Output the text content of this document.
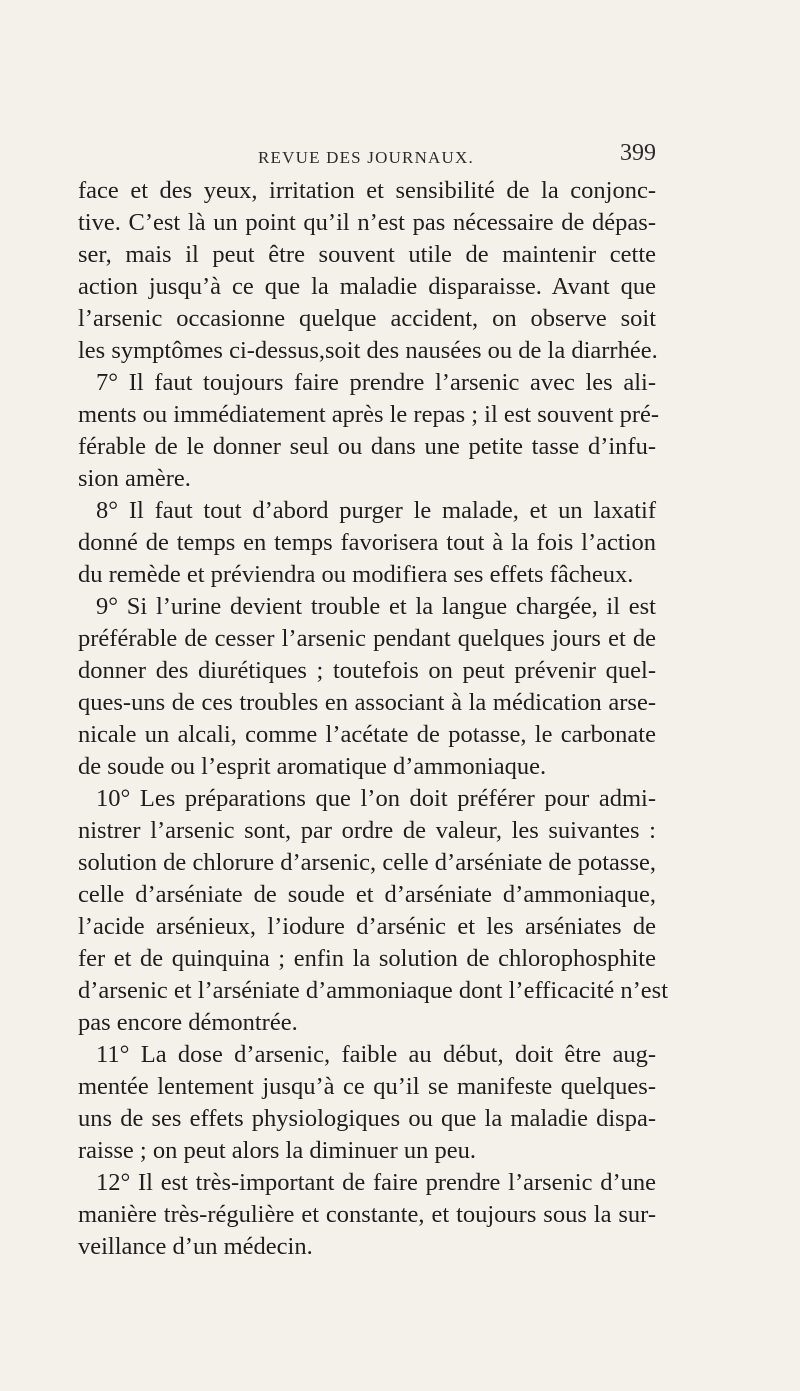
REVUE DES JOURNAUX.	399
face et des yeux, irritation et sensibilité de la conjonc-
tive. C’est là un point qu’il n’est pas nécessaire de dépas-
ser, mais il peut être souvent utile de maintenir cette
action jusqu’à ce que la maladie disparaisse. Avant que
l’arsenic occasionne quelque accident, on observe soit
les symptômes ci-dessus,soit des nausées ou de la diarrhée.
7° Il faut toujours faire prendre l’arsenic avec les ali-
ments ou immédiatement après le repas ; il est souvent pré-
férable de le donner seul ou dans une petite tasse d’infu-
sion amère.
8° Il faut tout d’abord purger le malade, et un laxatif
donné de temps en temps favorisera tout à la fois l’action
du remède et préviendra ou modifiera ses effets fâcheux.
9° Si l’urine devient trouble et la langue chargée, il est
préférable de cesser l’arsenic pendant quelques jours et de
donner des diurétiques ; toutefois on peut prévenir quel-
ques-uns de ces troubles en associant à la médication arse-
nicale un alcali, comme l’acétate de potasse, le carbonate
de soude ou l’esprit aromatique d’ammoniaque.
10° Les préparations que l’on doit préférer pour admi-
nistrer l’arsenic sont, par ordre de valeur, les suivantes :
solution de chlorure d’arsenic, celle d’arséniate de potasse,
celle d’arséniate de soude et d’arséniate d’ammoniaque,
l’acide arsénieux, l’iodure d’arsénic et les arséniates de
fer et de quinquina ; enfin la solution de chlorophosphite
d’arsenic et l’arséniate d’ammoniaque dont l’efficacité n’est
pas encore démontrée.
11° La dose d’arsenic, faible au début, doit être aug-
mentée lentement jusqu’à ce qu’il se manifeste quelques-
uns de ses effets physiologiques ou que la maladie dispa-
raisse ; on peut alors la diminuer un peu.
12° Il est très-important de faire prendre l’arsenic d’une
manière très-régulière et constante, et toujours sous la sur-
veillance d’un médecin.
